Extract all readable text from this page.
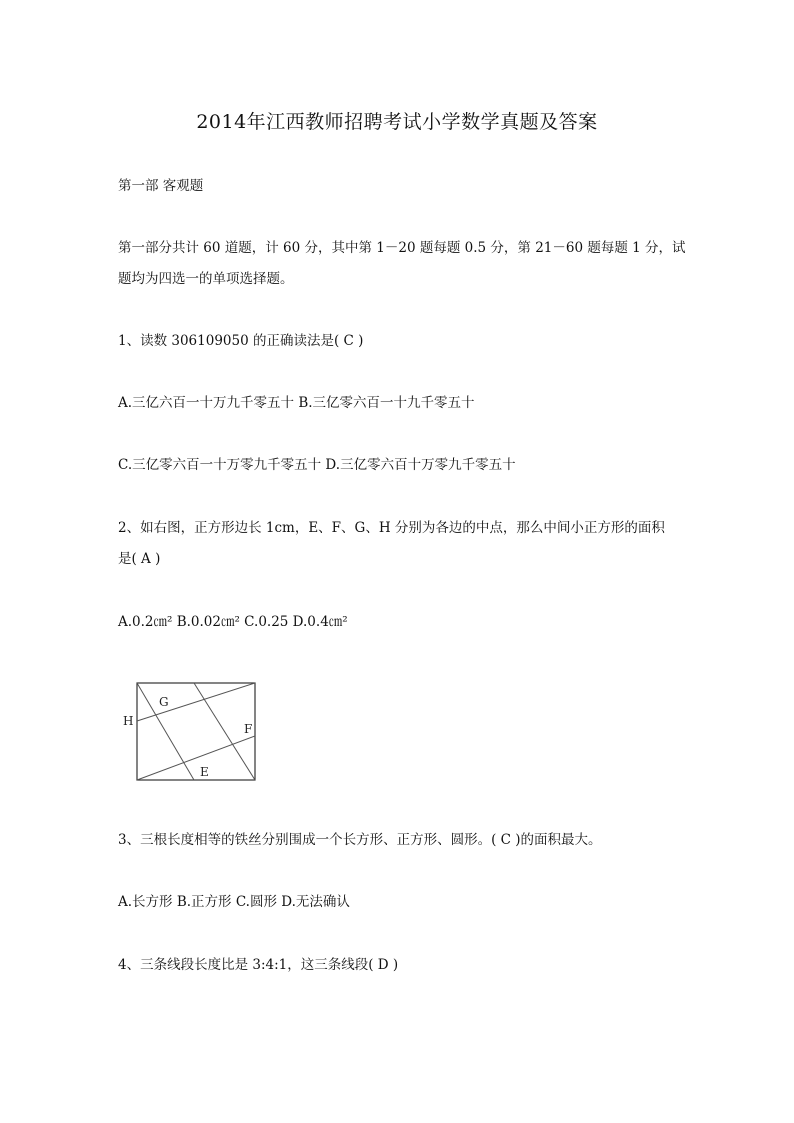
2014年江西教师招聘考试小学数学真题及答案
第一部 客观题
第一部分共计 60 道题，计 60 分，其中第 1－20 题每题 0.5 分，第 21－60 题每题 1 分，试
题均为四选一的单项选择题。
1、读数 306109050 的正确读法是( C )
A.三亿六百一十万九千零五十 B.三亿零六百一十九千零五十
C.三亿零六百一十万零九千零五十 D.三亿零六百十万零九千零五十
2、如右图，正方形边长 1cm，E、F、G、H 分别为各边的中点，那么中间小正方形的面积
是( A )
A.0.2㎝² B.0.02㎝² C.0.25 D.0.4㎝²
G
H
F
E
3、三根长度相等的铁丝分别围成一个长方形、正方形、圆形。( C )的面积最大。
A.长方形 B.正方形 C.圆形 D.无法确认
4、三条线段长度比是 3:4:1，这三条线段( D )
